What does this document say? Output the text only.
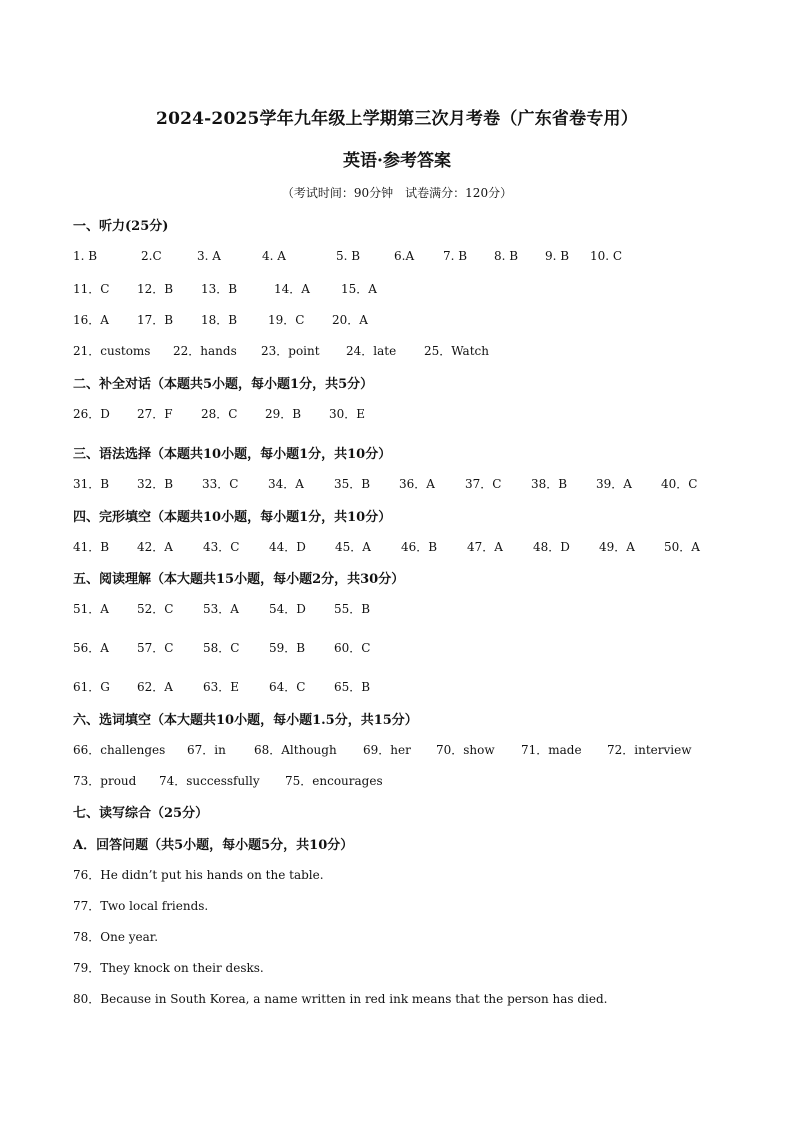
2024-2025学年九年级上学期第三次月考卷（广东省卷专用）
英语·参考答案
（考试时间：90分钟　试卷满分：120分）
一、听力(25分)
1. B	2.C	3. A	4. A	5. B	6.A 7. B 8. B 9. B 10. C
11．C 12．B 13．B	14．A	15．A
16．A 17．B 18．B	19．C 20．A
21．customs 22．hands 23．point 24．late 25．Watch
二、补全对话（本题共5小题，每小题1分，共5分）
26．D 27．F 28．C 29．B 30．E
三、语法选择（本题共10小题，每小题1分，共10分）
31．B 32．B 33．C 34．A	35．B 36．A	37．C 38．B 39．A 40．C
四、完形填空（本题共10小题，每小题1分，共10分）
41．B 42．A	43．C 44．D 45．A	46．B 47．A	48．D 49．A 50．A
五、阅读理解（本大题共15小题，每小题2分，共30分）
51．A 52．C 53．A	54．D 55．B
56．A 57．C 58．C 59．B 60．C
61．G 62．A	63．E 64．C 65．B
六、选词填空（本大题共10小题，每小题1.5分，共15分）
66．challenges 67．in 68．Although 69．her 70．show 71．made 72．interview
73．proud 74．successfully 75．encourages
七、读写综合（25分）
A．回答问题（共5小题，每小题5分，共10分）
76．He didn’t put his hands on the table.
77．Two local friends.
78．One year.
79．They knock on their desks.
80．Because in South Korea, a name written in red ink means that the person has died.
